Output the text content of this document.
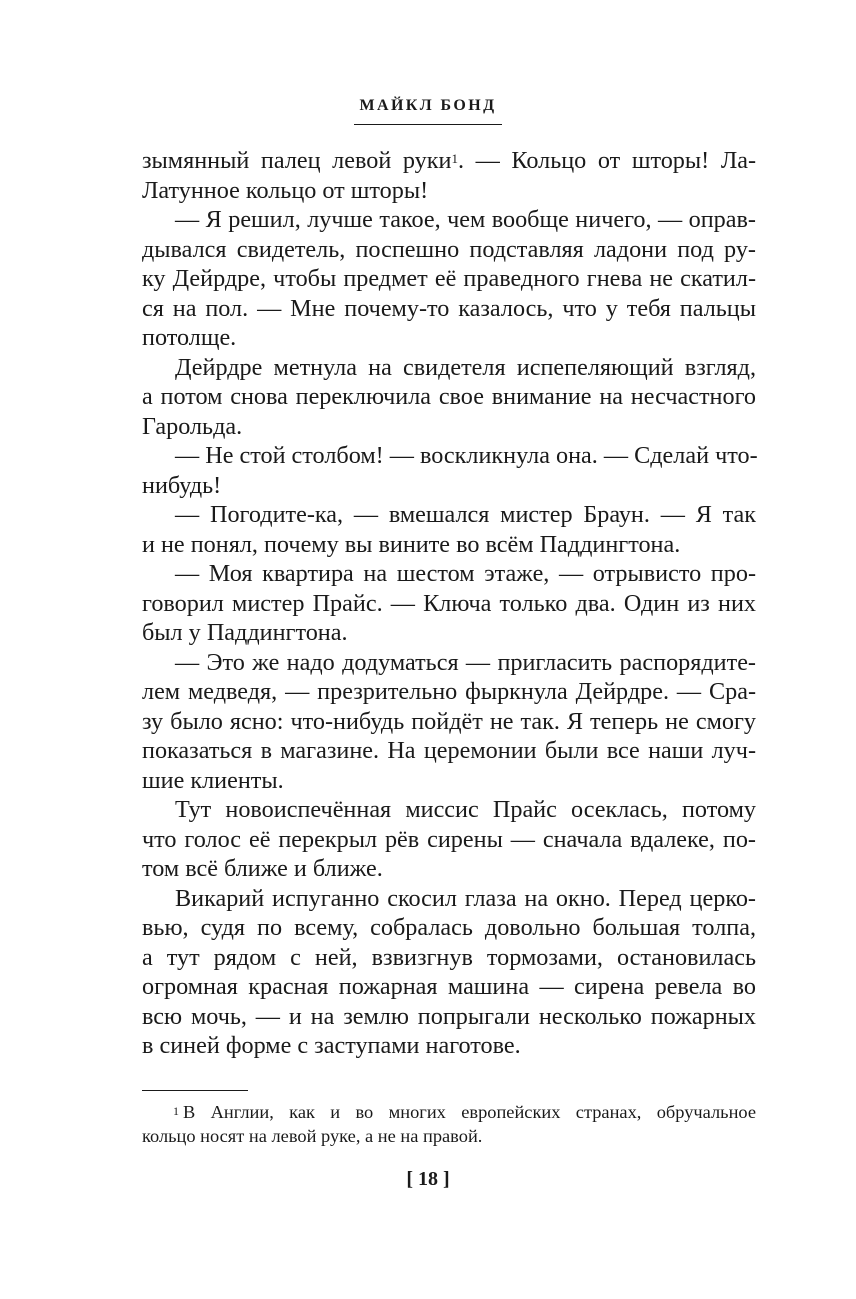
МАЙКЛ БОНД
зымянный палец левой руки$^1$. — Кольцо от шторы! Ла-
Латунное кольцо от шторы!
— Я решил, лучше такое, чем вообще ничего, — оправ-
дывался свидетель, поспешно подставляя ладони под ру-
ку Дейрдре, чтобы предмет её праведного гнева не скатил-
ся на пол. — Мне почему-то казалось, что у тебя пальцы
потолще.
Дейрдре метнула на свидетеля испепеляющий взгляд,
а потом снова переключила свое внимание на несчастного
Гарольда.
— Не стой столбом! — воскликнула она. — Сделай что-
нибудь!
— Погодите-ка, — вмешался мистер Браун. — Я так
и не понял, почему вы вините во всём Паддингтона.
— Моя квартира на шестом этаже, — отрывисто про-
говорил мистер Прайс. — Ключа только два. Один из них
был у Паддингтона.
— Это же надо додуматься — пригласить распорядите-
лем медведя, — презрительно фыркнула Дейрдре. — Сра-
зу было ясно: что-нибудь пойдёт не так. Я теперь не смогу
показаться в магазине. На церемонии были все наши луч-
шие клиенты.
Тут новоиспечённая миссис Прайс осеклась, потому
что голос её перекрыл рёв сирены — сначала вдалеке, по-
том всё ближе и ближе.
Викарий испуганно скосил глаза на окно. Перед церко-
вью, судя по всему, собралась довольно большая толпа,
а тут рядом с ней, взвизгнув тормозами, остановилась
огромная красная пожарная машина — сирена ревела во
всю мочь, — и на землю попрыгали несколько пожарных
в синей форме с заступами наготове.
$^1$ В Англии, как и во многих европейских странах, обручальное
кольцо носят на левой руке, а не на правой.
[ 18 ]
